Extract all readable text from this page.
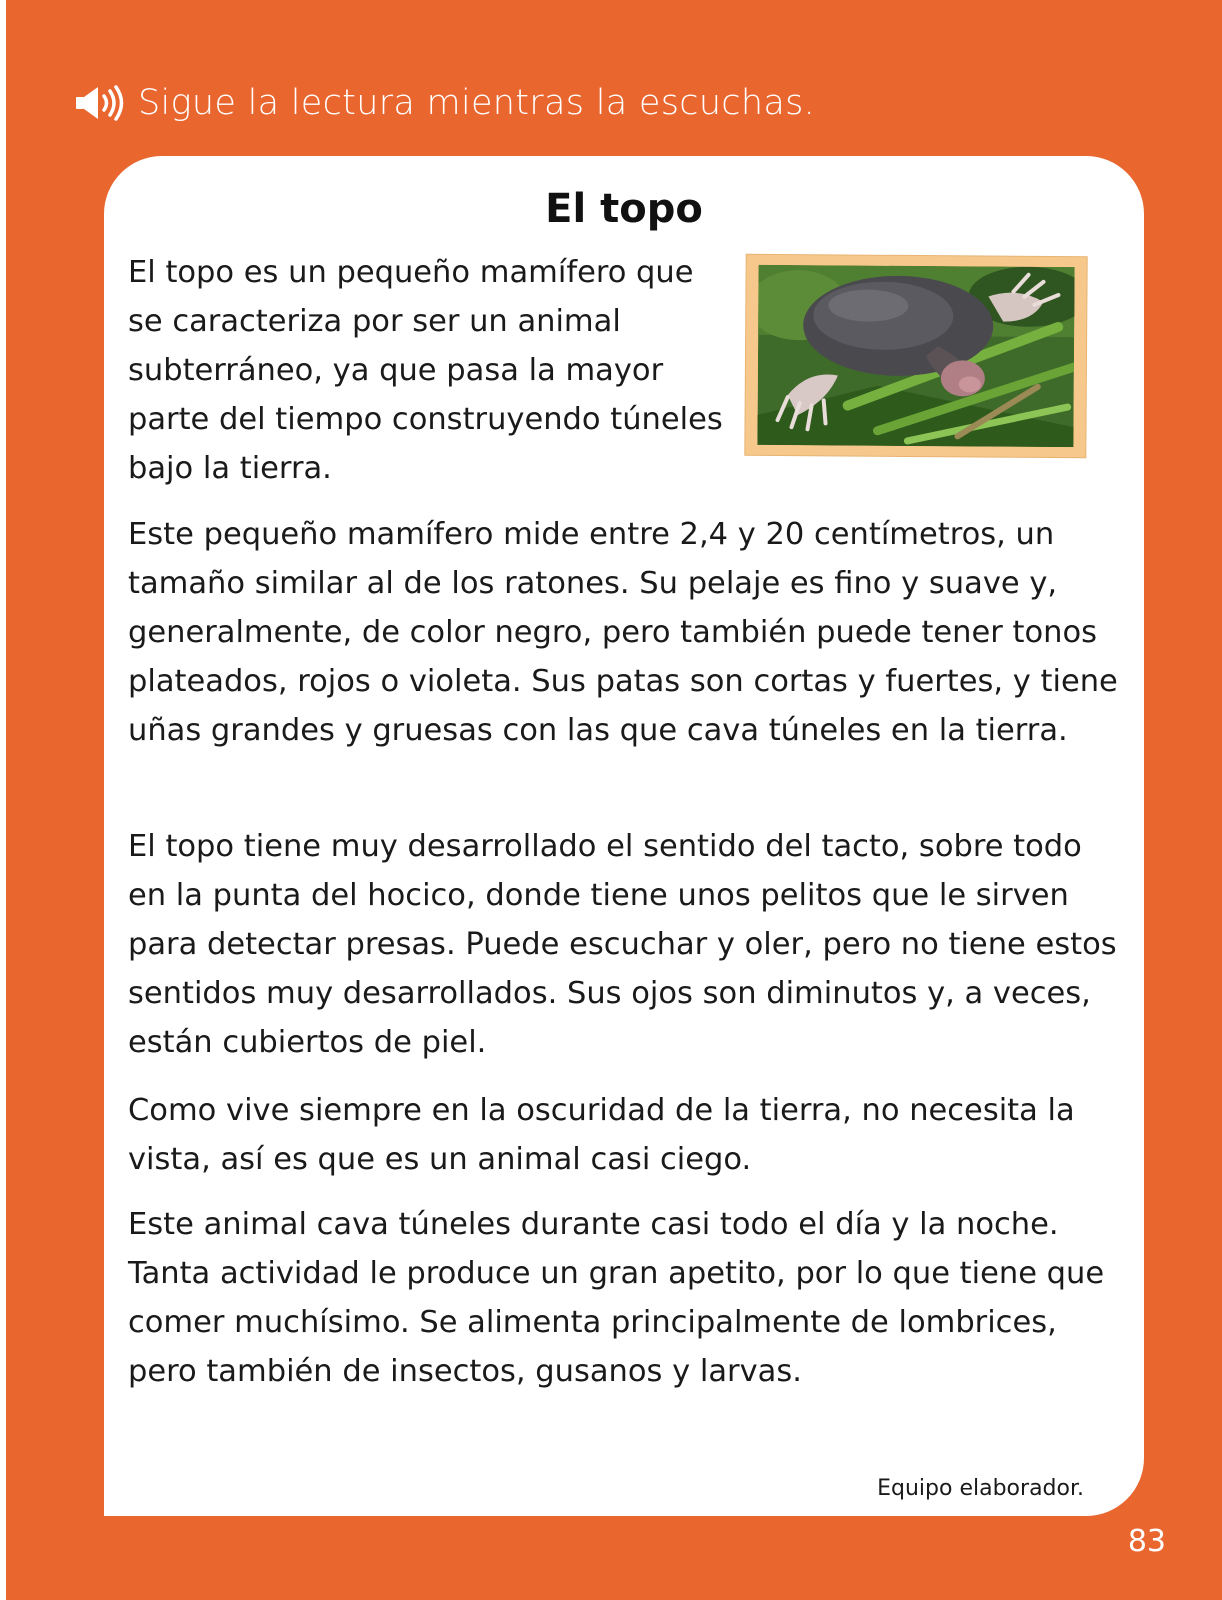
Sigue la lectura mientras la escuchas.
El topo

El topo es un pequeño mamífero que se caracteriza por ser un animal subterráneo, ya que pasa la mayor parte del tiempo construyendo túneles bajo la tierra.

Este pequeño mamífero mide entre 2,4 y 20 centímetros, un tamaño similar al de los ratones. Su pelaje es fino y suave y, generalmente, de color negro, pero también puede tener tonos plateados, rojos o violeta. Sus patas son cortas y fuertes, y tiene uñas grandes y gruesas con las que cava túneles en la tierra.

El topo tiene muy desarrollado el sentido del tacto, sobre todo en la punta del hocico, donde tiene unos pelitos que le sirven para detectar presas. Puede escuchar y oler, pero no tiene estos sentidos muy desarrollados. Sus ojos son diminutos y, a veces, están cubiertos de piel.

Como vive siempre en la oscuridad de la tierra, no necesita la vista, así es que es un animal casi ciego.

Este animal cava túneles durante casi todo el día y la noche. Tanta actividad le produce un gran apetito, por lo que tiene que comer muchísimo. Se alimenta principalmente de lombrices, pero también de insectos, gusanos y larvas.

Equipo elaborador.

83
